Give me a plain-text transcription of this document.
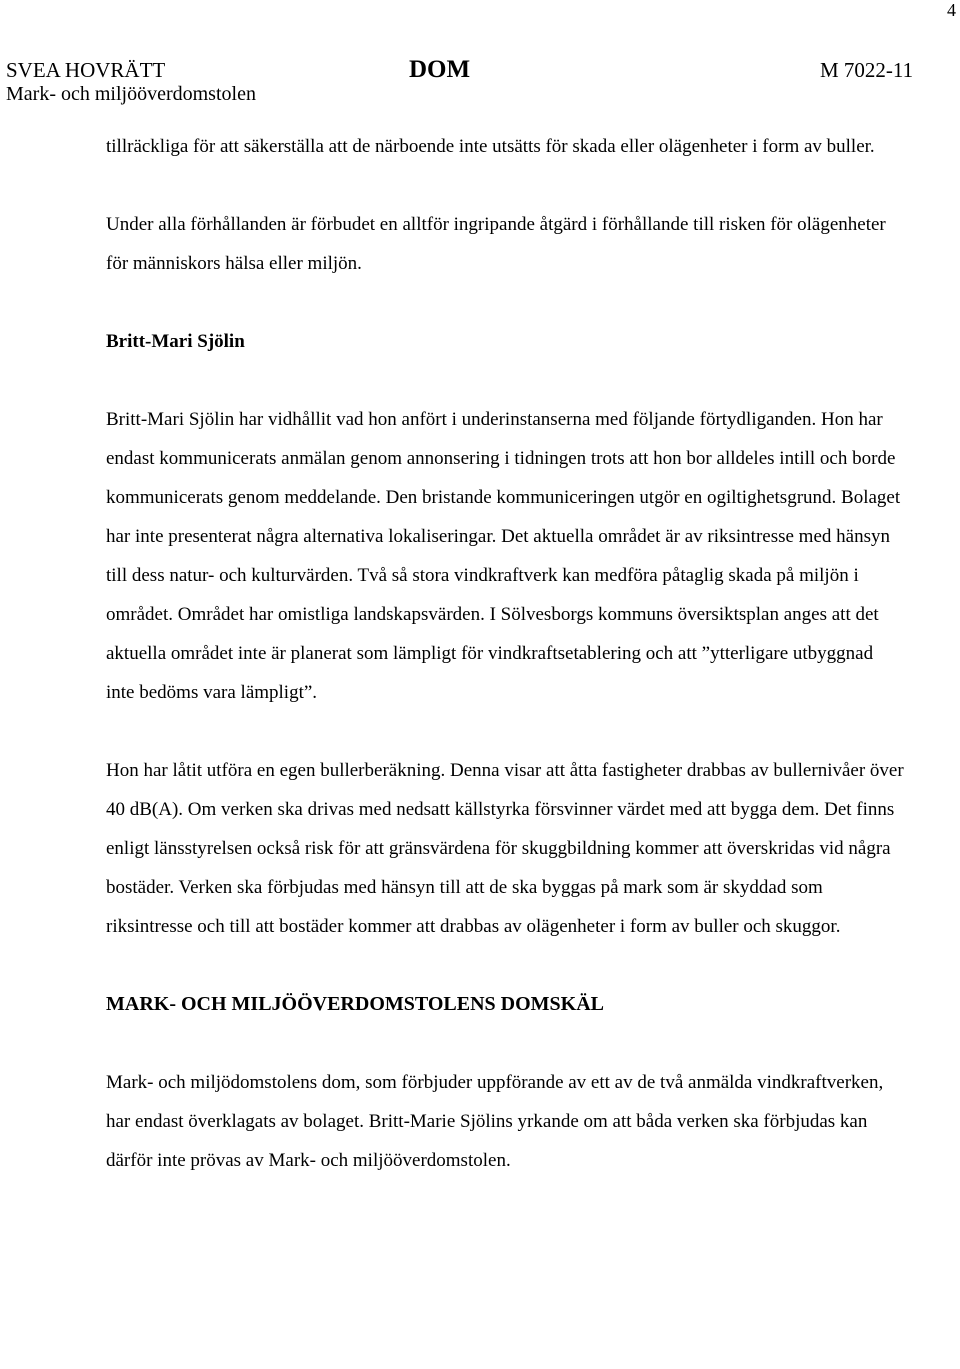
4
SVEA HOVRÄTT
Mark- och miljööverdomstolen
DOM	M 7022-11

tillräckliga för att säkerställa att de närboende inte utsätts för skada eller olägenheter i form av buller.

Under alla förhållanden är förbudet en alltför ingripande åtgärd i förhållande till risken för olägenheter för människors hälsa eller miljön.

Britt-Mari Sjölin

Britt-Mari Sjölin har vidhållit vad hon anfört i underinstanserna med följande förtydliganden. Hon har endast kommunicerats anmälan genom annonsering i tidningen trots att hon bor alldeles intill och borde kommunicerats genom meddelande. Den bristande kommuniceringen utgör en ogiltighetsgrund. Bolaget har inte presenterat några alternativa lokaliseringar. Det aktuella området är av riksintresse med hänsyn till dess natur- och kulturvärden. Två så stora vindkraftverk kan medföra påtaglig skada på miljön i området. Området har omistliga landskapsvärden. I Sölvesborgs kommuns översiktsplan anges att det aktuella området inte är planerat som lämpligt för vindkraftsetablering och att ”ytterligare utbyggnad inte bedöms vara lämpligt”.

Hon har låtit utföra en egen bullerberäkning. Denna visar att åtta fastigheter drabbas av bullernivåer över 40 dB(A). Om verken ska drivas med nedsatt källstyrka försvinner värdet med att bygga dem. Det finns enligt länsstyrelsen också risk för att gränsvärdena för skuggbildning kommer att överskridas vid några bostäder. Verken ska förbjudas med hänsyn till att de ska byggas på mark som är skyddad som riksintresse och till att bostäder kommer att drabbas av olägenheter i form av buller och skuggor.

MARK- OCH MILJÖÖVERDOMSTOLENS DOMSKÄL

Mark- och miljödomstolens dom, som förbjuder uppförande av ett av de två anmälda vindkraftverken, har endast överklagats av bolaget. Britt-Marie Sjölins yrkande om att båda verken ska förbjudas kan därför inte prövas av Mark- och miljööverdomstolen.
